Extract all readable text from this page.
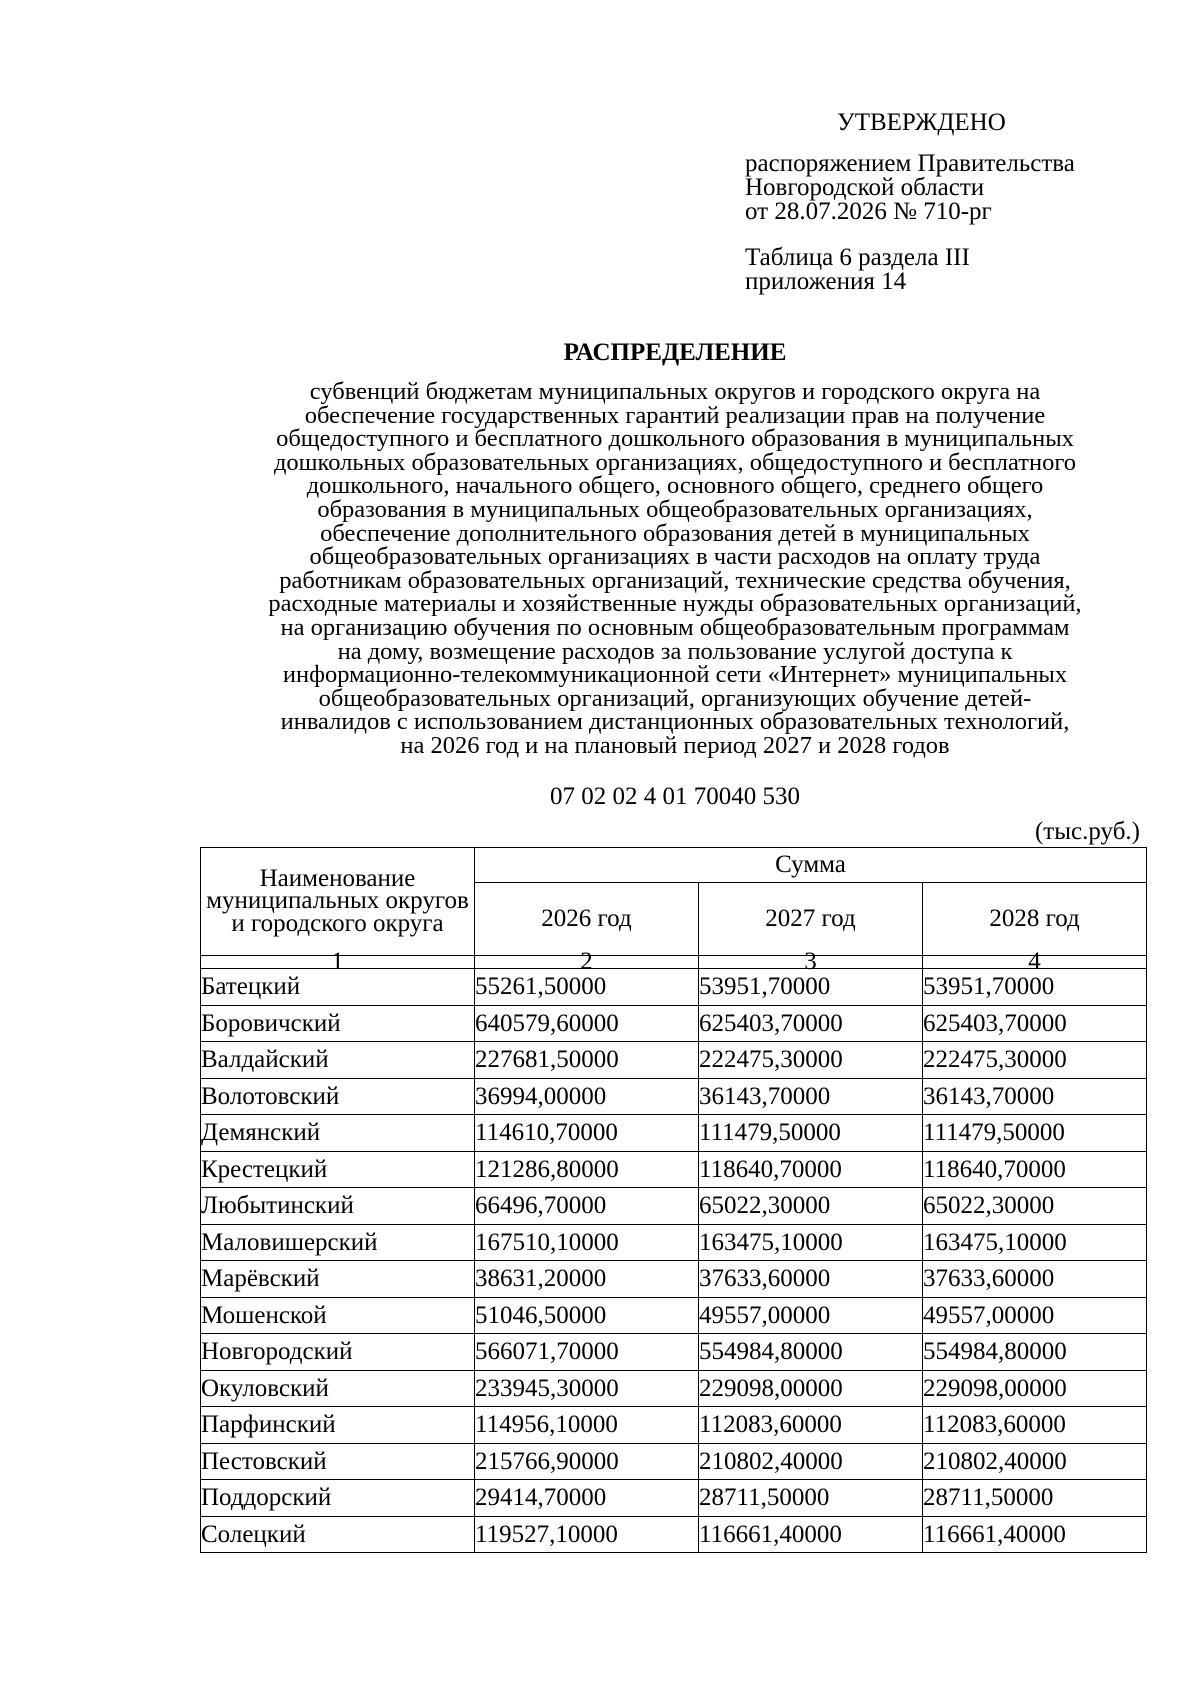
УТВЕРЖДЕНО
распоряжением Правительства
Новгородской области
от 28.07.2026 № 710-рг
Таблица 6 раздела III
приложения 14
РАСПРЕДЕЛЕНИЕ
субвенций бюджетам муниципальных округов и городского округа на
обеспечение государственных гарантий реализации прав на получение
общедоступного и бесплатного дошкольного образования в муниципальных
дошкольных образовательных организациях, общедоступного и бесплатного
дошкольного, начального общего, основного общего, среднего общего
образования в муниципальных общеобразовательных организациях,
обеспечение дополнительного образования детей в муниципальных
общеобразовательных организациях в части расходов на оплату труда
работникам образовательных организаций, технические средства обучения,
расходные материалы и хозяйственные нужды образовательных организаций,
на организацию обучения по основным общеобразовательным программам
на дому, возмещение расходов за пользование услугой доступа к
информационно-телекоммуникационной сети «Интернет» муниципальных
общеобразовательных организаций, организующих обучение детей-
инвалидов с использованием дистанционных образовательных технологий,
на 2026 год и на плановый период 2027 и 2028 годов
07 02 02 4 01 70040 530
(тыс.руб.)
Наименование муниципальных округов и городского округа	Сумма		
	2026 год	2027 год	2028 год
1	2	3	4
Батецкий	55261,50000	53951,70000	53951,70000
Боровичский	640579,60000	625403,70000	625403,70000
Валдайский	227681,50000	222475,30000	222475,30000
Волотовский	36994,00000	36143,70000	36143,70000
Демянский	114610,70000	111479,50000	111479,50000
Крестецкий	121286,80000	118640,70000	118640,70000
Любытинский	66496,70000	65022,30000	65022,30000
Маловишерский	167510,10000	163475,10000	163475,10000
Марёвский	38631,20000	37633,60000	37633,60000
Мошенской	51046,50000	49557,00000	49557,00000
Новгородский	566071,70000	554984,80000	554984,80000
Окуловский	233945,30000	229098,00000	229098,00000
Парфинский	114956,10000	112083,60000	112083,60000
Пестовский	215766,90000	210802,40000	210802,40000
Поддорский	29414,70000	28711,50000	28711,50000
Солецкий	119527,10000	116661,40000	116661,40000
